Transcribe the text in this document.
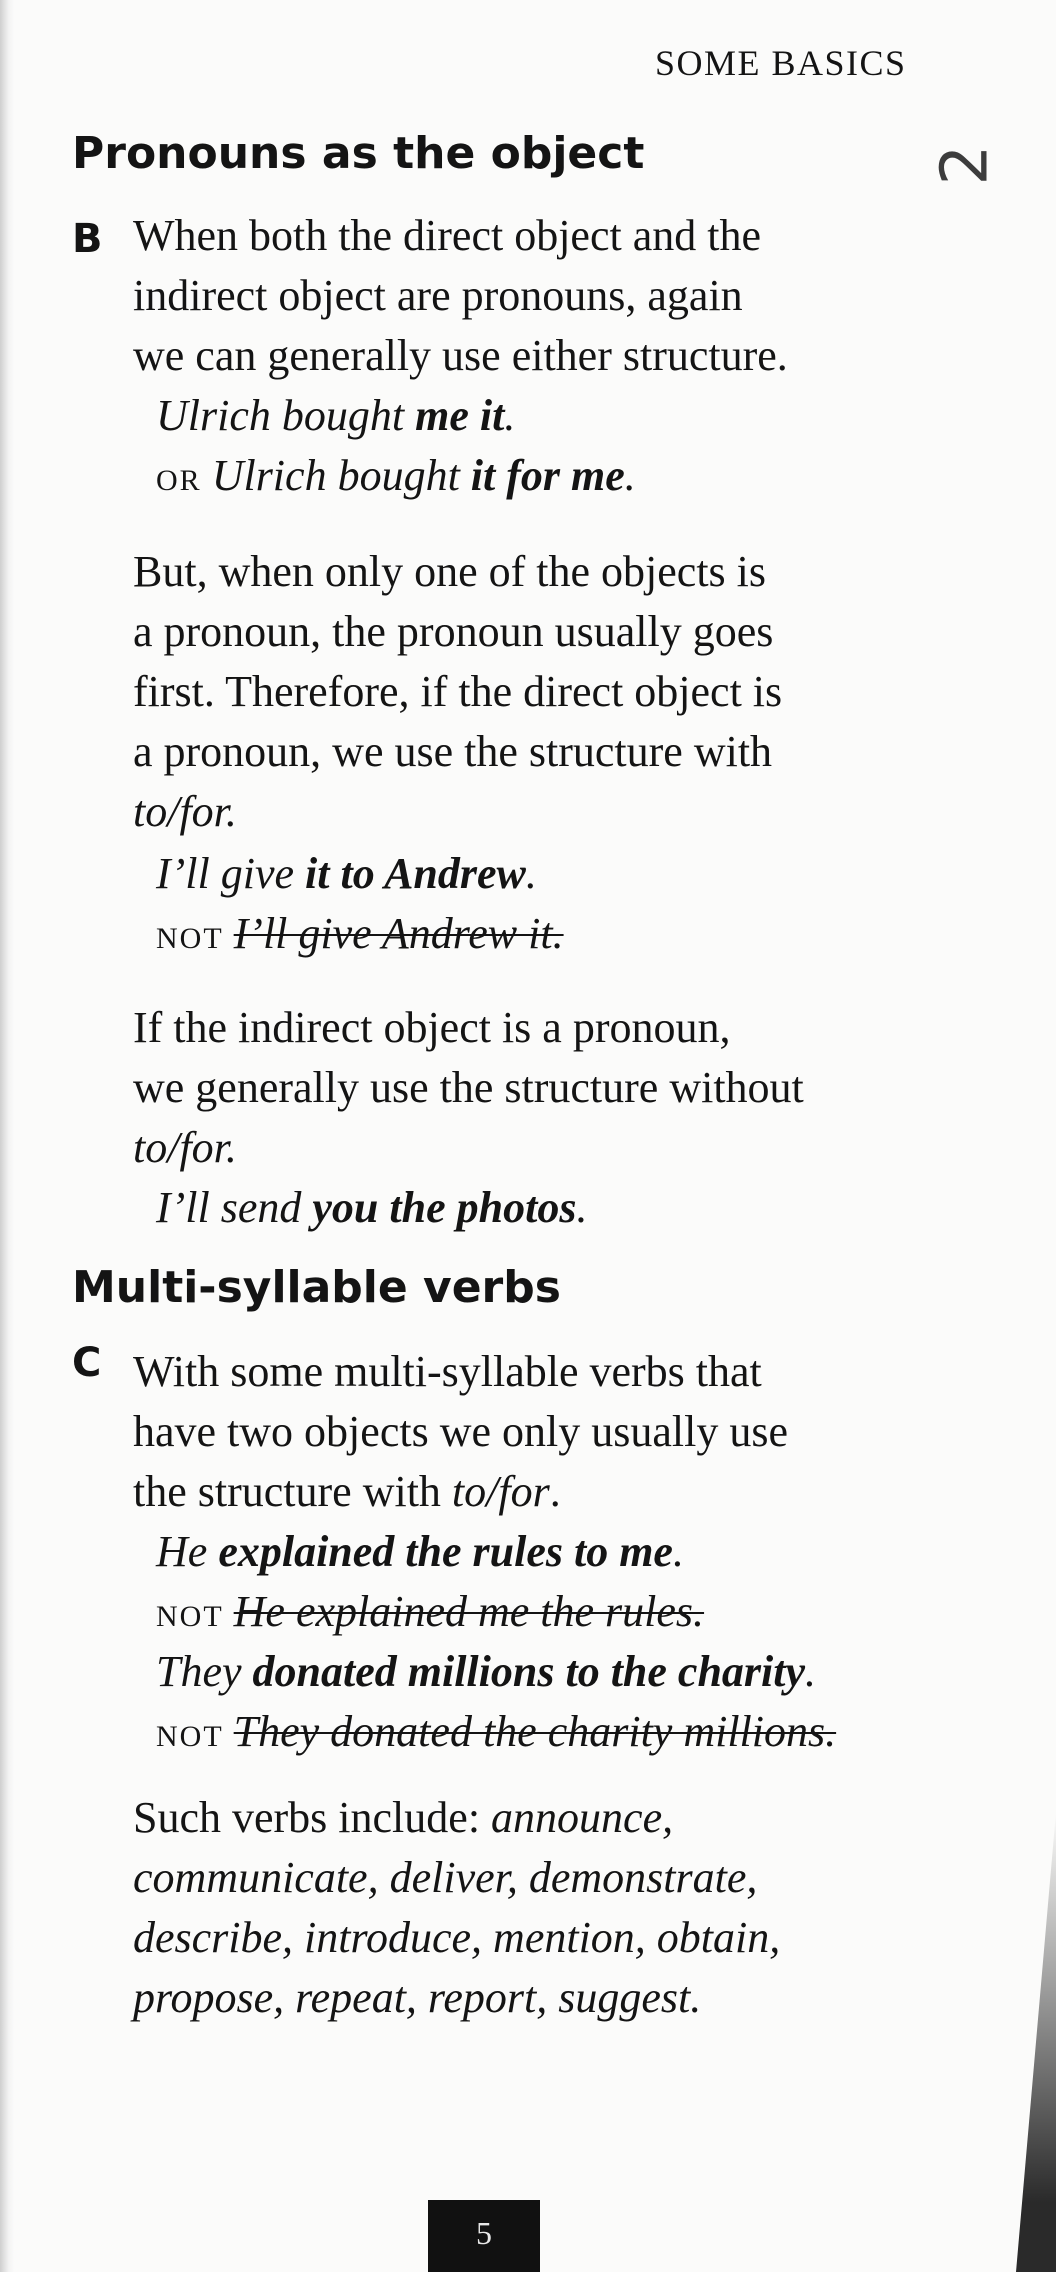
SOME BASICS
2
Pronouns as the object
B When both the direct object and the
indirect object are pronouns, again
we can generally use either structure.
Ulrich bought me it.
OR Ulrich bought it for me.
But, when only one of the objects is
a pronoun, the pronoun usually goes
first. Therefore, if the direct object is
a pronoun, we use the structure with
to/for.
I’ll give it to Andrew.
NOT I’ll give Andrew it.
If the indirect object is a pronoun,
we generally use the structure without
to/for.
I’ll send you the photos.
Multi-syllable verbs
C With some multi-syllable verbs that
have two objects we only usually use
the structure with to/for.
He explained the rules to me.
NOT He explained me the rules.
They donated millions to the charity.
NOT They donated the charity millions.
Such verbs include: announce,
communicate, deliver, demonstrate,
describe, introduce, mention, obtain,
propose, repeat, report, suggest.
5
